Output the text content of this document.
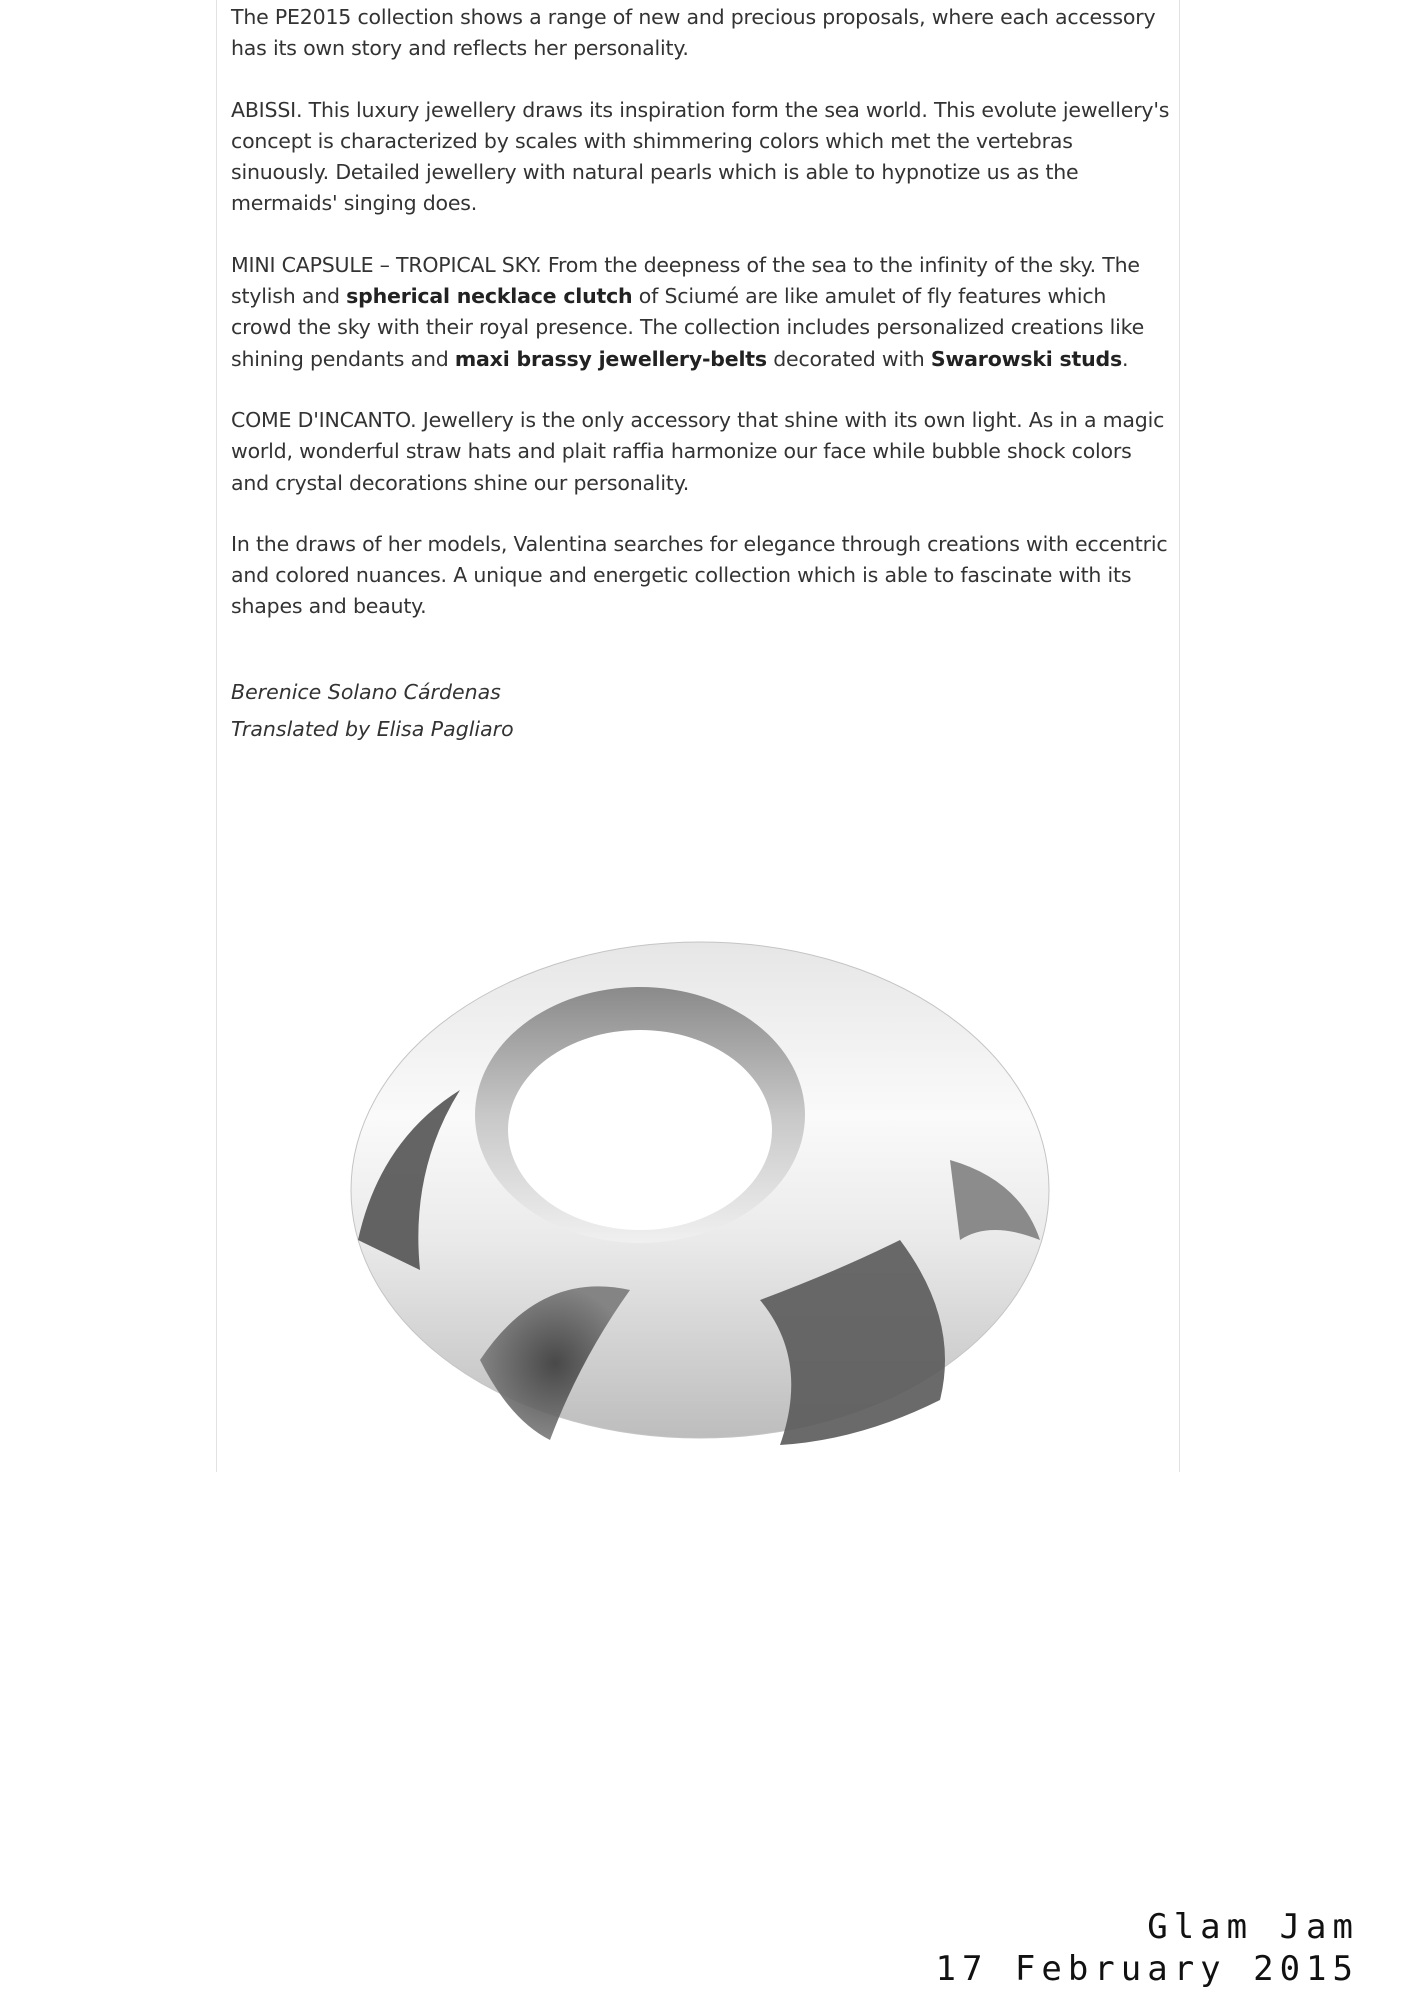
The PE2015 collection shows a range of new and precious proposals, where each accessory has its own story and reflects her personality.

ABISSI. This luxury jewellery draws its inspiration form the sea world. This evolute jewellery's concept is characterized by scales with shimmering colors which met the vertebras sinuously. Detailed jewellery with natural pearls which is able to hypnotize us as the mermaids' singing does.

MINI CAPSULE – TROPICAL SKY. From the deepness of the sea to the infinity of the sky. The stylish and spherical necklace clutch of Sciumé are like amulet of fly features which crowd the sky with their royal presence. The collection includes personalized creations like shining pendants and maxi brassy jewellery-belts decorated with Swarowski studs.

COME D'INCANTO. Jewellery is the only accessory that shine with its own light. As in a magic world, wonderful straw hats and plait raffia harmonize our face while bubble shock colors and crystal decorations shine our personality.

In the draws of her models, Valentina searches for elegance through creations with eccentric and colored nuances. A unique and energetic collection which is able to fascinate with its shapes and beauty.

Berenice Solano Cárdenas

Translated by Elisa Pagliaro

Glam Jam
17 February 2015
